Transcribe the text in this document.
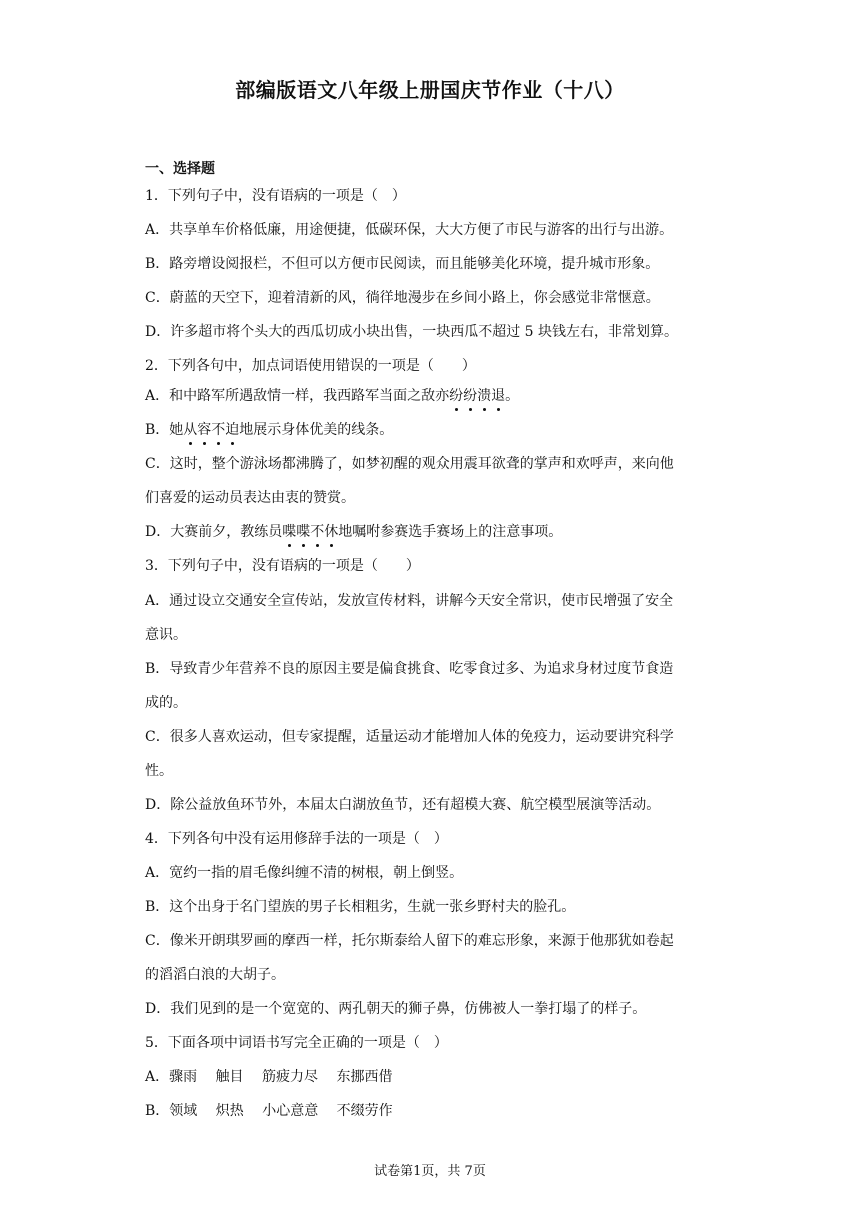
部编版语文八年级上册国庆节作业（十八）
一、选择题
1．下列句子中，没有语病的一项是（　）
A．共享单车价格低廉，用途便捷，低碳环保，大大方便了市民与游客的出行与出游。
B．路旁增设阅报栏，不但可以方便市民阅读，而且能够美化环境，提升城市形象。
C．蔚蓝的天空下，迎着清新的风，徜徉地漫步在乡间小路上，你会感觉非常惬意。
D．许多超市将个头大的西瓜切成小块出售，一块西瓜不超过 5 块钱左右，非常划算。
2．下列各句中，加点词语使用错误的一项是（　　）
A．和中路军所遇敌情一样，我西路军当面之敌亦纷纷溃退。
B．她从容不迫地展示身体优美的线条。
C．这时，整个游泳场都沸腾了，如梦初醒的观众用震耳欲聋的掌声和欢呼声，来向他
们喜爱的运动员表达由衷的赞赏。
D．大赛前夕，教练员喋喋不休地嘱咐参赛选手赛场上的注意事项。
3．下列句子中，没有语病的一项是（　　）
A．通过设立交通安全宣传站，发放宣传材料，讲解今天安全常识，使市民增强了安全
意识。
B．导致青少年营养不良的原因主要是偏食挑食、吃零食过多、为追求身材过度节食造
成的。
C．很多人喜欢运动，但专家提醒，适量运动才能增加人体的免疫力，运动要讲究科学
性。
D．除公益放鱼环节外，本届太白湖放鱼节，还有超模大赛、航空模型展演等活动。
4．下列各句中没有运用修辞手法的一项是（　）
A．宽约一指的眉毛像纠缠不清的树根，朝上倒竖。
B．这个出身于名门望族的男子长相粗劣，生就一张乡野村夫的脸孔。
C．像米开朗琪罗画的摩西一样，托尔斯泰给人留下的难忘形象，来源于他那犹如卷起
的滔滔白浪的大胡子。
D．我们见到的是一个宽宽的、两孔朝天的狮子鼻，仿佛被人一拳打塌了的样子。
5．下面各项中词语书写完全正确的一项是（　）
A．骤雨　 触目　 筋疲力尽　 东挪西借
B．领域　 炽热　 小心意意　 不缀劳作
试卷第1页，共 7页
